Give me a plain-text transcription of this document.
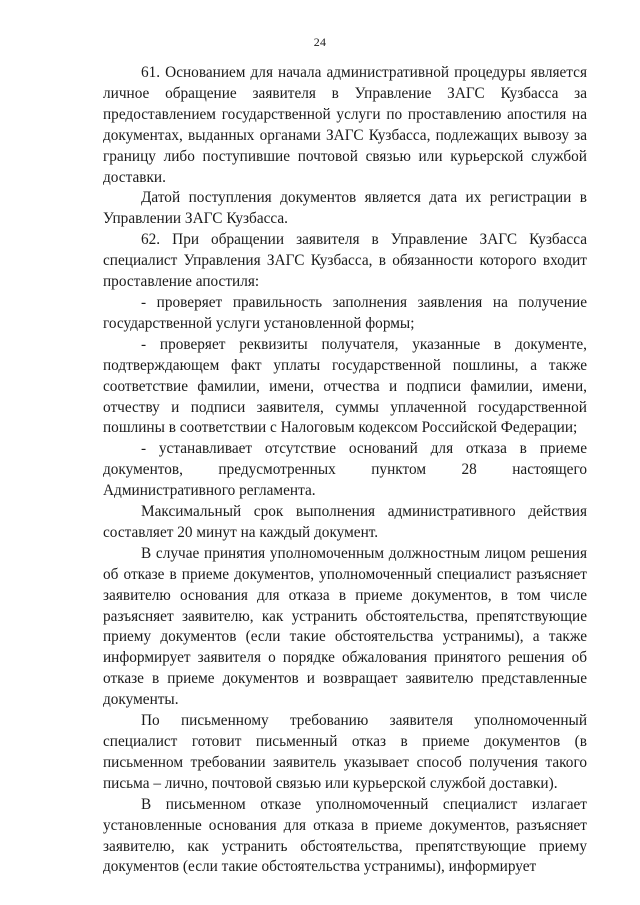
24

61. Основанием для начала административной процедуры является личное обращение заявителя в Управление ЗАГС Кузбасса за предоставлением государственной услуги по проставлению апостиля на документах, выданных органами ЗАГС Кузбасса, подлежащих вывозу за границу либо поступившие почтовой связью или курьерской службой доставки.

Датой поступления документов является дата их регистрации в Управлении ЗАГС Кузбасса.

62. При обращении заявителя в Управление ЗАГС Кузбасса специалист Управления ЗАГС Кузбасса, в обязанности которого входит проставление апостиля:

- проверяет правильность заполнения заявления на получение государственной услуги установленной формы;

- проверяет реквизиты получателя, указанные в документе, подтверждающем факт уплаты государственной пошлины, а также соответствие фамилии, имени, отчества и подписи фамилии, имени, отчеству и подписи заявителя, суммы уплаченной государственной пошлины в соответствии с Налоговым кодексом Российской Федерации;

- устанавливает отсутствие оснований для отказа в приеме документов, предусмотренных пунктом 28 настоящего Административного регламента.

Максимальный срок выполнения административного действия составляет 20 минут на каждый документ.

В случае принятия уполномоченным должностным лицом решения об отказе в приеме документов, уполномоченный специалист разъясняет заявителю основания для отказа в приеме документов, в том числе разъясняет заявителю, как устранить обстоятельства, препятствующие приему документов (если такие обстоятельства устранимы), а также информирует заявителя о порядке обжалования принятого решения об отказе в приеме документов и возвращает заявителю представленные документы.

По письменному требованию заявителя уполномоченный специалист готовит письменный отказ в приеме документов (в письменном требовании заявитель указывает способ получения такого письма – лично, почтовой связью или курьерской службой доставки).

В письменном отказе уполномоченный специалист излагает установленные основания для отказа в приеме документов, разъясняет заявителю, как устранить обстоятельства, препятствующие приему документов (если такие обстоятельства устранимы), информирует
